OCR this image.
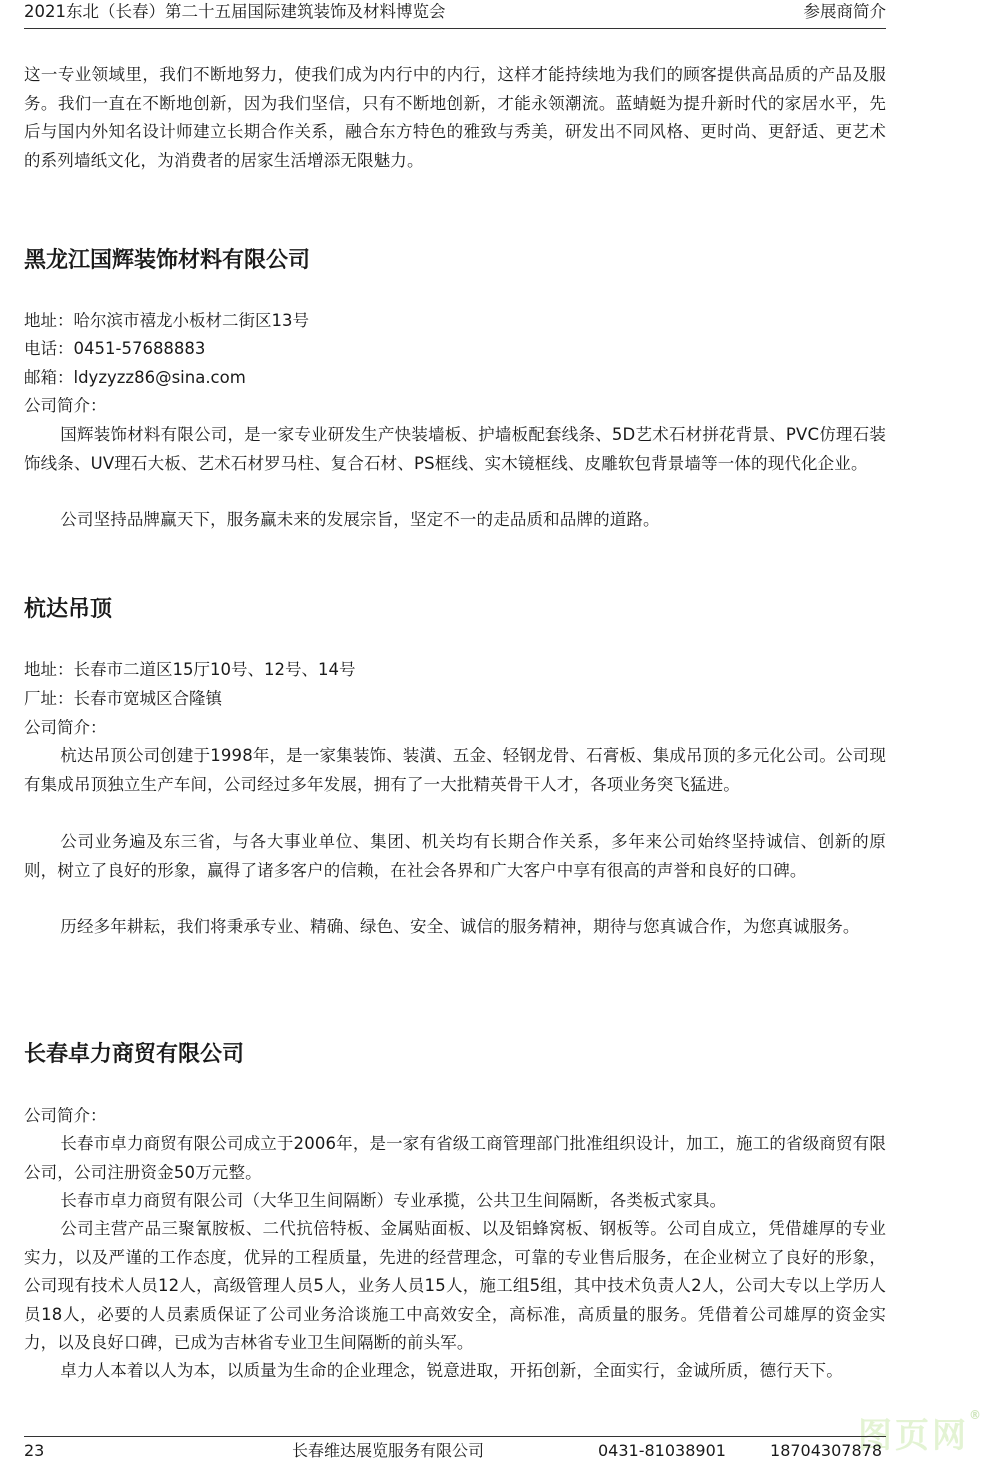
2021东北（长春）第二十五届国际建筑装饰及材料博览会	参展商简介

这一专业领域里，我们不断地努力，使我们成为内行中的内行，这样才能持续地为我们的顾客提供高品质的产品及服务。我们一直在不断地创新，因为我们坚信，只有不断地创新，才能永领潮流。蓝蜻蜓为提升新时代的家居水平，先后与国内外知名设计师建立长期合作关系，融合东方特色的雅致与秀美，研发出不同风格、更时尚、更舒适、更艺术的系列墙纸文化，为消费者的居家生活增添无限魅力。

黑龙江国辉装饰材料有限公司

地址：哈尔滨市禧龙小板材二街区13号

电话：0451-57688883

邮箱：ldyzyzz86@sina.com

公司简介：

国辉装饰材料有限公司，是一家专业研发生产快装墙板、护墙板配套线条、5D艺术石材拼花背景、PVC仿理石装饰线条、UV理石大板、艺术石材罗马柱、复合石材、PS框线、实木镜框线、皮雕软包背景墙等一体的现代化企业。

公司坚持品牌赢天下，服务赢未来的发展宗旨，坚定不一的走品质和品牌的道路。

杭达吊顶

地址：长春市二道区15厅10号、12号、14号

厂址：长春市宽城区合隆镇

公司简介：

杭达吊顶公司创建于1998年，是一家集装饰、装潢、五金、轻钢龙骨、石膏板、集成吊顶的多元化公司。公司现有集成吊顶独立生产车间，公司经过多年发展，拥有了一大批精英骨干人才，各项业务突飞猛进。

公司业务遍及东三省，与各大事业单位、集团、机关均有长期合作关系，多年来公司始终坚持诚信、创新的原则，树立了良好的形象，赢得了诸多客户的信赖，在社会各界和广大客户中享有很高的声誉和良好的口碑。

历经多年耕耘，我们将秉承专业、精确、绿色、安全、诚信的服务精神，期待与您真诚合作，为您真诚服务。

长春卓力商贸有限公司

公司简介：

长春市卓力商贸有限公司成立于2006年，是一家有省级工商管理部门批准组织设计，加工，施工的省级商贸有限公司，公司注册资金50万元整。

长春市卓力商贸有限公司（大华卫生间隔断）专业承揽，公共卫生间隔断，各类板式家具。

公司主营产品三聚氰胺板、二代抗倍特板、金属贴面板、以及铝蜂窝板、钢板等。公司自成立，凭借雄厚的专业实力，以及严谨的工作态度，优异的工程质量，先进的经营理念，可靠的专业售后服务，在企业树立了良好的形象，公司现有技术人员12人，高级管理人员5人，业务人员15人，施工组5组，其中技术负责人2人，公司大专以上学历人员18人，必要的人员素质保证了公司业务洽谈施工中高效安全，高标准，高质量的服务。凭借着公司雄厚的资金实力，以及良好口碑，已成为吉林省专业卫生间隔断的前头军。

卓力人本着以人为本，以质量为生命的企业理念，锐意进取，开拓创新，全面实行，金诚所质，德行天下。

图页网®
23	长春维达展览服务有限公司	0431-81038901	18704307878
